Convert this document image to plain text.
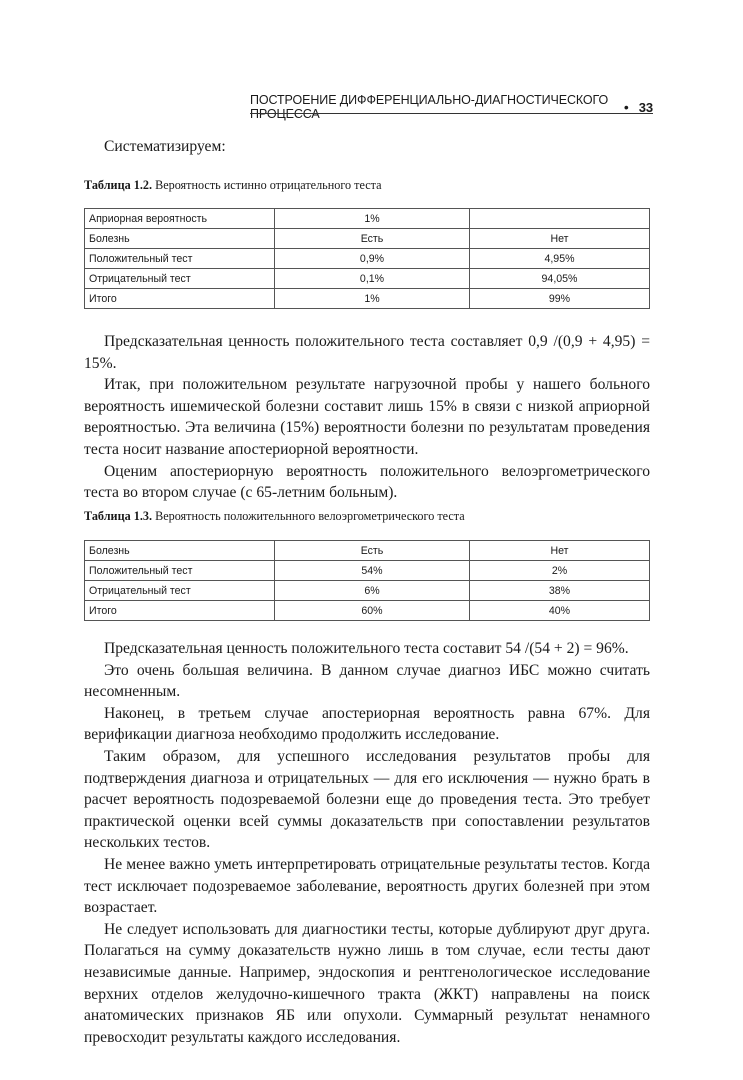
ПОСТРОЕНИЕ ДИФФЕРЕНЦИАЛЬНО-ДИАГНОСТИЧЕСКОГО ПРОЦЕССА	• 33

Систематизируем:

Таблица 1.2. Вероятность истинно отрицательного теста

Априорная вероятность	1%	
Болезнь	Есть	Нет
Положительный тест	0,9%	4,95%
Отрицательный тест	0,1%	94,05%
Итого	1%	99%

Предсказательная ценность положительного теста составляет 0,9 /(0,9 + 4,95) = 15%.

Итак, при положительном результате нагрузочной пробы у нашего больного вероятность ишемической болезни составит лишь 15% в связи с низкой априорной вероятностью. Эта величина (15%) вероятности болезни по результатам проведения теста носит название апостериорной вероятности.

Оценим апостериорную вероятность положительного велоэргометрического теста во втором случае (с 65-летним больным).

Таблица 1.3. Вероятность положительнного велоэргометрического теста

Болезнь	Есть	Нет
Положительный тест	54%	2%
Отрицательный тест	6%	38%
Итого	60%	40%

Предсказательная ценность положительного теста составит 54 /(54 + 2) = 96%.

Это очень большая величина. В данном случае диагноз ИБС можно считать несомненным.

Наконец, в третьем случае апостериорная вероятность равна 67%. Для верификации диагноза необходимо продолжить исследование.

Таким образом, для успешного исследования результатов пробы для подтверждения диагноза и отрицательных — для его исключения — нужно брать в расчет вероятность подозреваемой болезни еще до проведения теста. Это требует практической оценки всей суммы доказательств при сопоставлении результатов нескольких тестов.

Не менее важно уметь интерпретировать отрицательные результаты тестов. Когда тест исключает подозреваемое заболевание, вероятность других болезней при этом возрастает.

Не следует использовать для диагностики тесты, которые дублируют друг друга. Полагаться на сумму доказательств нужно лишь в том случае, если тесты дают независимые данные. Например, эндоскопия и рентгенологическое исследование верхних отделов желудочно-кишечного тракта (ЖКТ) направлены на поиск анатомических признаков ЯБ или опухоли. Суммарный результат ненамного превосходит результаты каждого исследования.
